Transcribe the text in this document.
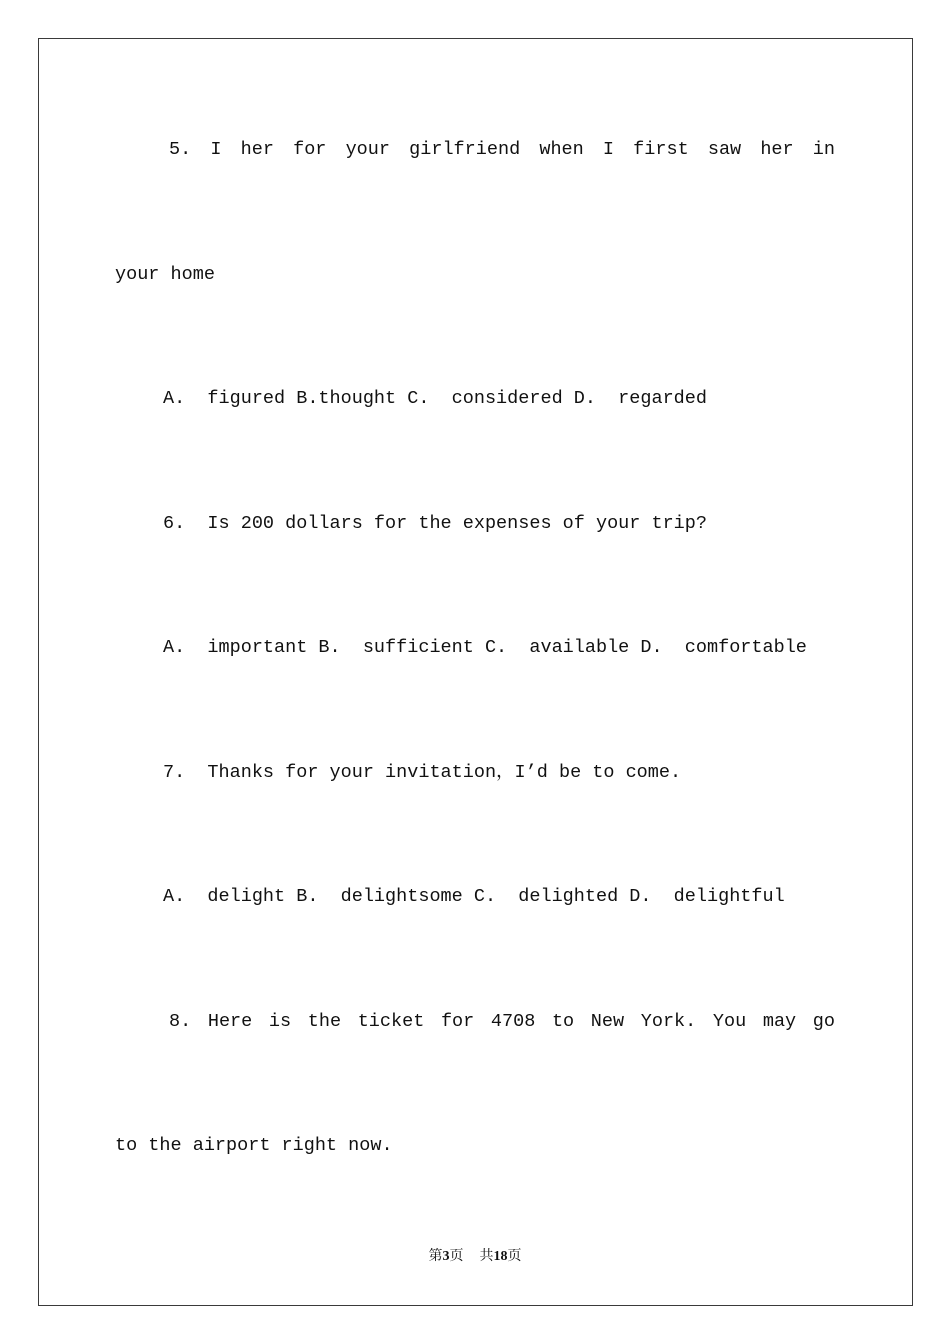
5. I her for your girlfriend when I first saw her in
your home
A.  figured B.thought C.  considered D.  regarded
6.  Is 200 dollars for the expenses of your trip?
A.  important B.  sufficient C.  available D.  comfortable
7.  Thanks for your invitation，I’d be to come.
A.  delight B.  delightsome C.  delighted D.  delightful
8. Here is the ticket for 4708 to New York. You may go
to the airport right now.
第3页 共18页
